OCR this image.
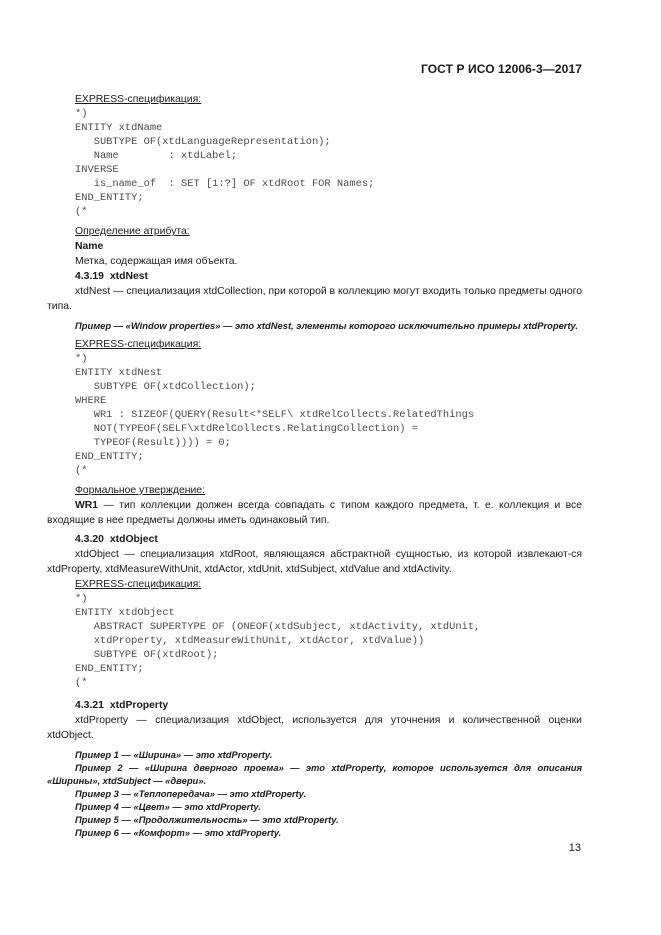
ГОСТ Р ИСО 12006-3—2017
EXPRESS-спецификация:
*)
ENTITY xtdName
SUBTYPE OF(xtdLanguageRepresentation);
Name        : xtdLabel;
INVERSE
is_name_of  : SET [1:?] OF xtdRoot FOR Names;
END_ENTITY;
(*
Определение атрибута:
Name
Метка, содержащая имя объекта.
4.3.19 xtdNest
xtdNest — специализация xtdCollection, при которой в коллекцию могут входить только предметы одного типа.
Пример — «Window properties» — это xtdNest, элементы которого исключительно примеры xtdProperty.
EXPRESS-спецификация:
*)
ENTITY xtdNest
SUBTYPE OF(xtdCollection);
WHERE
WR1 : SIZEOF(QUERY(Result<*SELF\ xtdRelCollects.RelatedThings
NOT(TYPEOF(SELF\xtdRelCollects.RelatingCollection) =
TYPEOF(Result)))) = 0;
END_ENTITY;
(*
Формальное утверждение:
WR1 — тип коллекции должен всегда совпадать с типом каждого предмета, т. е. коллекция и все входящие в нее предметы должны иметь одинаковый тип.
4.3.20 xtdObject
xtdObject — специализация xtdRoot, являющаяся абстрактной сущностью, из которой извлекают-ся xtdProperty, xtdMeasureWithUnit, xtdActor, xtdUnit, xtdSubject, xtdValue and xtdActivity.
EXPRESS-спецификация:
*)
ENTITY xtdObject
ABSTRACT SUPERTYPE OF (ONEOF(xtdSubject, xtdActivity, xtdUnit,
xtdProperty, xtdMeasureWithUnit, xtdActor, xtdValue))
SUBTYPE OF(xtdRoot);
END_ENTITY;
(*
4.3.21 xtdProperty
xtdProperty — специализация xtdObject, используется для уточнения и количественной оценки xtdObject.
Пример 1 — «Ширина» — это xtdProperty.
Пример 2 — «Ширина дверного проема» — это xtdProperty, которое используется для описания «Ширины», xtdSubject — «двери».
Пример 3 — «Теплопередача» — это xtdProperty.
Пример 4 — «Цвет» — это xtdProperty.
Пример 5 — «Продолжительность» — это xtdProperty.
Пример 6 — «Комфорт» — это xtdProperty.
13
